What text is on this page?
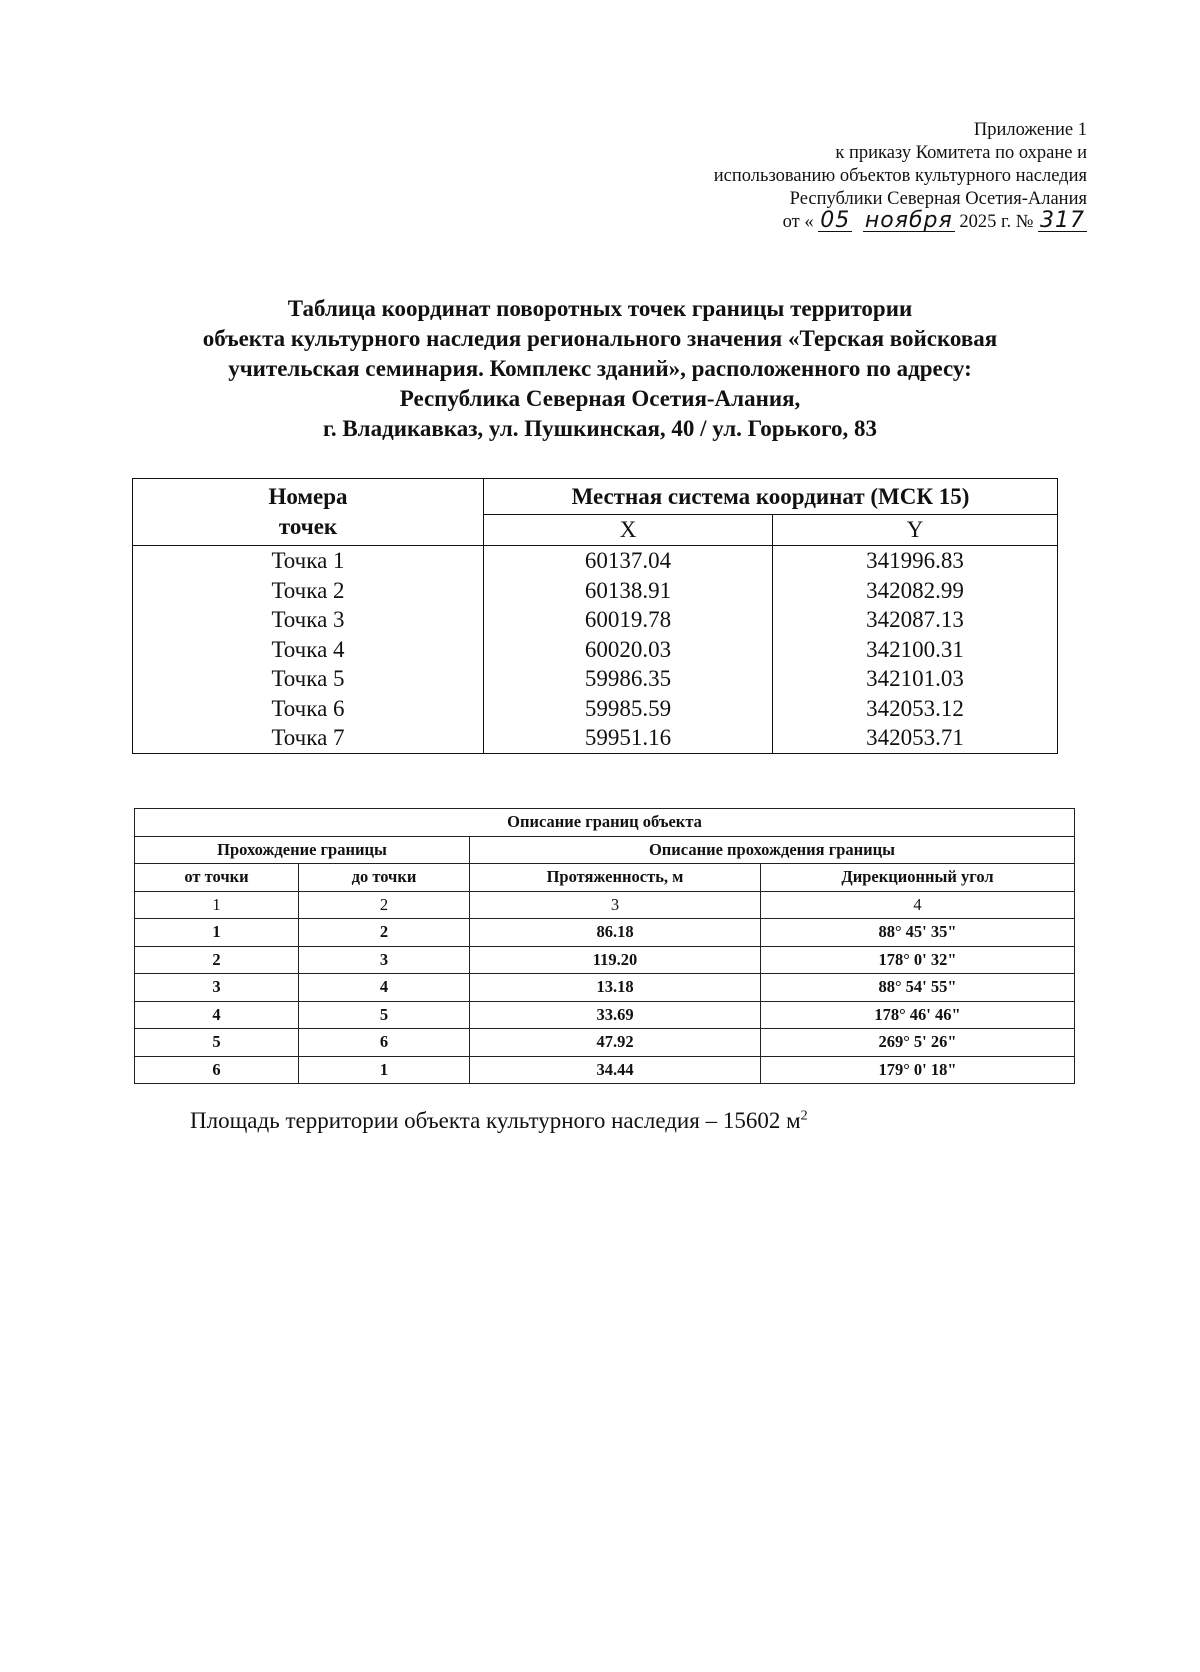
Приложение 1
к приказу Комитета по охране и
использованию объектов культурного наследия
Республики Северная Осетия-Алания
от « 05 ноября 2025 г. № 317
Таблица координат поворотных точек границы территории
объекта культурного наследия регионального значения «Терская войсковая
учительская семинария. Комплекс зданий», расположенного по адресу:
Республика Северная Осетия-Алания,
г. Владикавказ, ул. Пушкинская, 40 / ул. Горького, 83
Номера точек	Местная система координат (МСК 15)	
	X	Y
Точка 1	60137.04	341996.83
Точка 2	60138.91	342082.99
Точка 3	60019.78	342087.13
Точка 4	60020.03	342100.31
Точка 5	59986.35	342101.03
Точка 6	59985.59	342053.12
Точка 7	59951.16	342053.71
Описание границ объекта			
Прохождение границы		Описание прохождения границы	
от точки	до точки	Протяженность, м	Дирекционный угол
1	2	3	4
1	2	86.18	88° 45' 35"
2	3	119.20	178° 0' 32"
3	4	13.18	88° 54' 55"
4	5	33.69	178° 46' 46"
5	6	47.92	269° 5' 26"
6	1	34.44	179° 0' 18"
Площадь территории объекта культурного наследия – 15602 $м^2$
